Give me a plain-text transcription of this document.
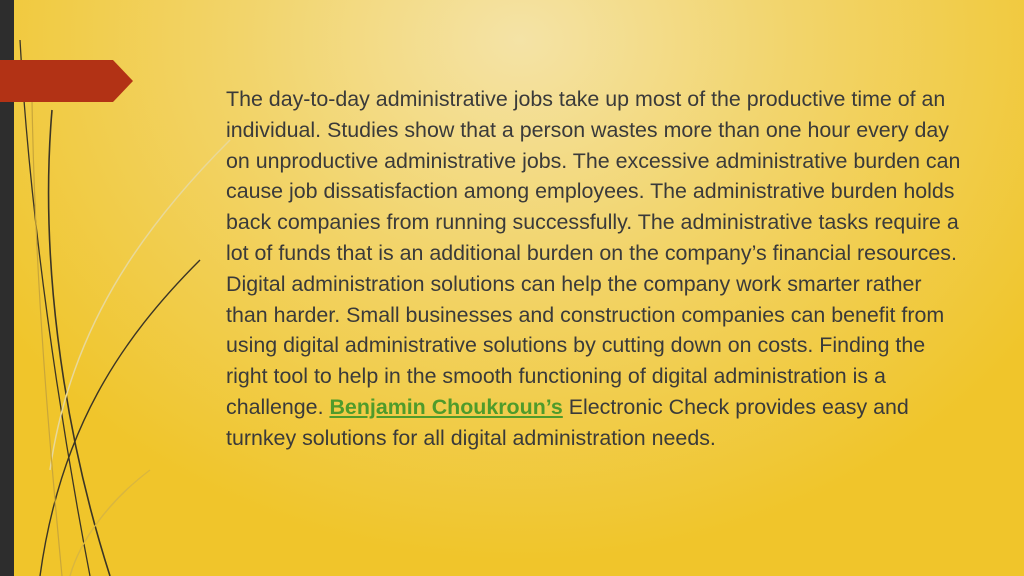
The day-to-day administrative jobs take up most of the productive time of an individual. Studies show that a person wastes more than one hour every day on unproductive administrative jobs. The excessive administrative burden can cause job dissatisfaction among employees. The administrative burden holds back companies from running successfully. The administrative tasks require a lot of funds that is an additional burden on the company’s financial resources. Digital administration solutions can help the company work smarter rather than harder. Small businesses and construction companies can benefit from using digital administrative solutions by cutting down on costs. Finding the right tool to help in the smooth functioning of digital administration is a challenge. Benjamin Choukroun’s Electronic Check provides easy and turnkey solutions for all digital administration needs.
